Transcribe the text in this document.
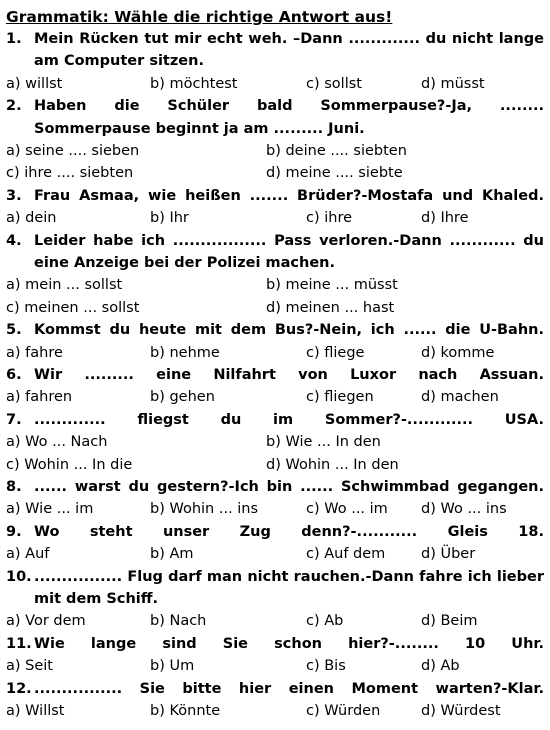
Grammatik: Wähle die richtige Antwort aus!
1. Mein Rücken tut mir echt weh. –Dann ............. du nicht lange am Computer sitzen.
a) willst	b) möchtest	c) sollst	d) müsst
2. Haben die Schüler bald Sommerpause?-Ja, ........ Sommerpause beginnt ja am ......... Juni.
a) seine .... sieben	b) deine .... siebten
c) ihre .... siebten	d) meine .... siebte
3. Frau Asmaa, wie heißen ....... Brüder?-Mostafa und Khaled.
a) dein	b) Ihr	c) ihre	d) Ihre
4. Leider habe ich ................. Pass verloren.-Dann ............ du eine Anzeige bei der Polizei machen.
a) mein ... sollst	b) meine ... müsst
c) meinen ... sollst	d) meinen ... hast
5. Kommst du heute mit dem Bus?-Nein, ich ...... die U-Bahn.
a) fahre	b) nehme	c) fliege	d) komme
6. Wir ......... eine Nilfahrt von Luxor nach Assuan.
a) fahren	b) gehen	c) fliegen	d) machen
7. ............. fliegst du im Sommer?-............ USA.
a) Wo ... Nach	b) Wie ... In den
c) Wohin ... In die	d) Wohin ... In den
8. ...... warst du gestern?-Ich bin ...... Schwimmbad gegangen.
a) Wie ... im	b) Wohin ... ins	c) Wo ... im	d) Wo ... ins
9. Wo steht unser Zug denn?-........... Gleis 18.
a) Auf	b) Am	c) Auf dem	d) Über
10. ................ Flug darf man nicht rauchen.-Dann fahre ich lieber mit dem Schiff.
a) Vor dem	b) Nach	c) Ab	d) Beim
11. Wie lange sind Sie schon hier?-........ 10 Uhr.
a) Seit	b) Um	c) Bis	d) Ab
12. ................ Sie bitte hier einen Moment warten?-Klar.
a) Willst	b) Könnte	c) Würden	d) Würdest
